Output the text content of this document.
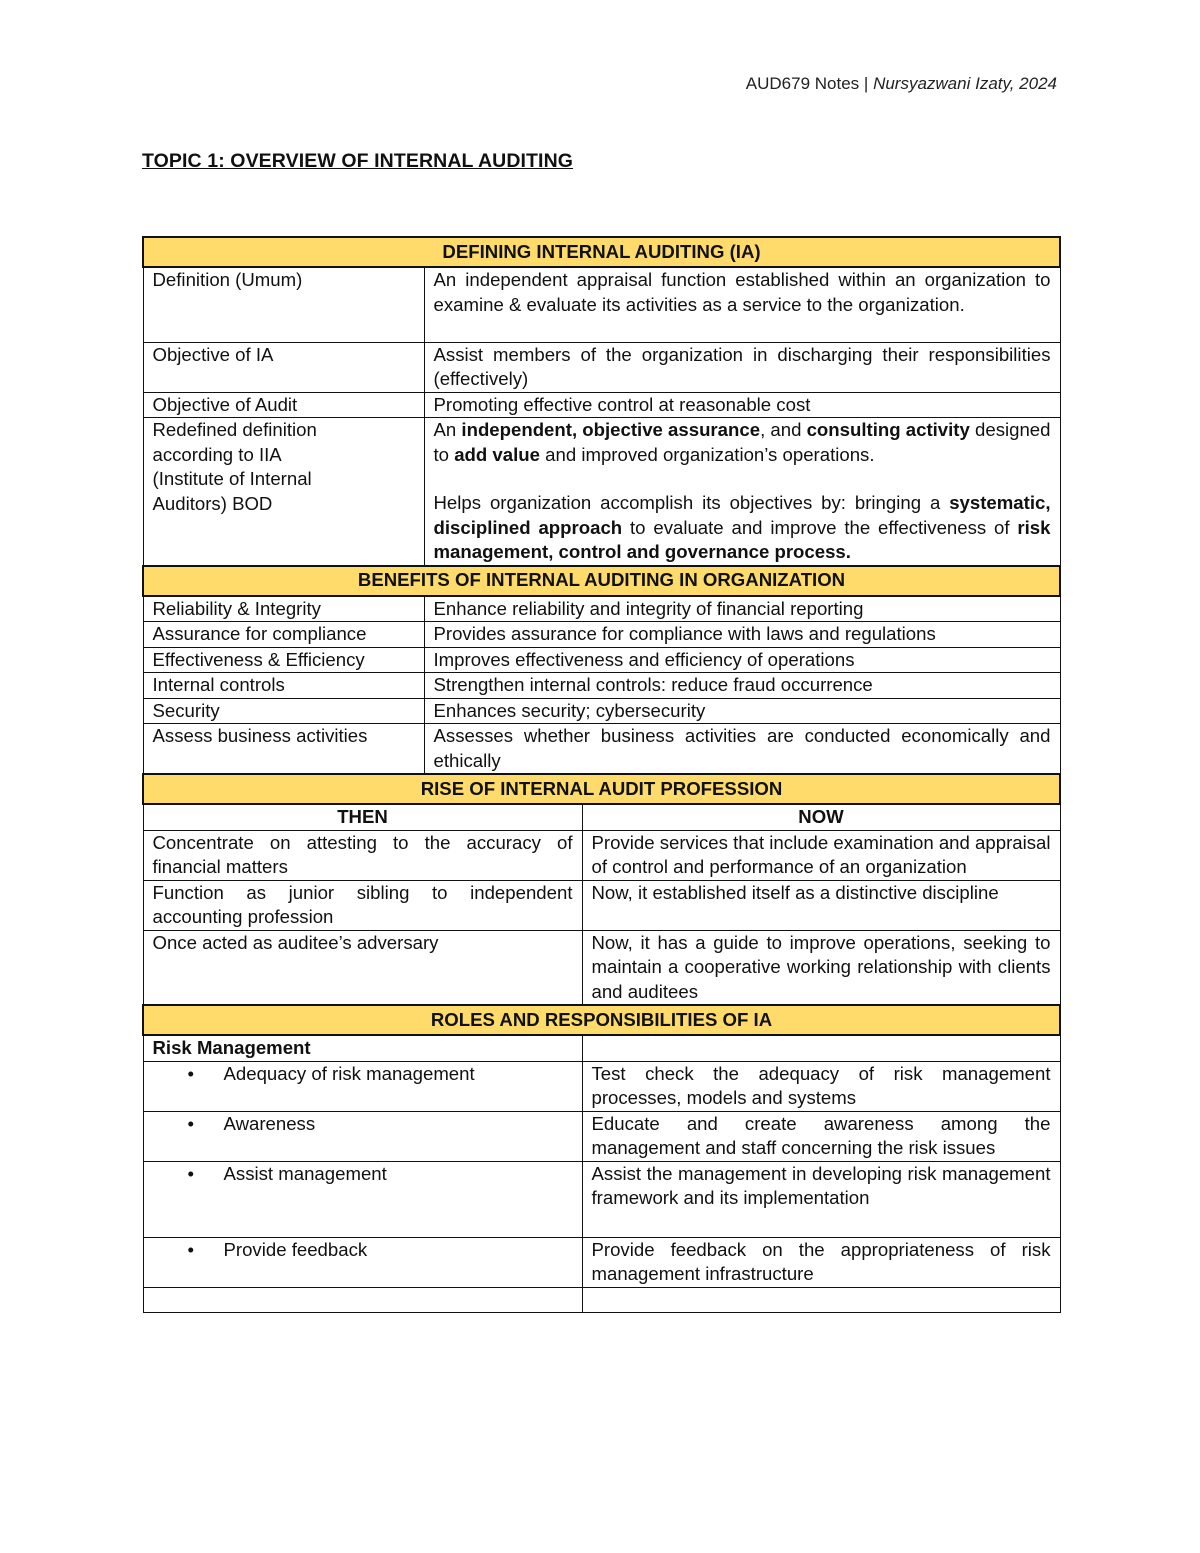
AUD679 Notes | Nursyazwani Izaty, 2024
TOPIC 1: OVERVIEW OF INTERNAL AUDITING
DEFINING INTERNAL AUDITING (IA)		
Definition (Umum)	An independent appraisal function established within an organization to examine & evaluate its activities as a service to the organization.	
Objective of IA	Assist members of the organization in discharging their responsibilities (effectively)	
Objective of Audit	Promoting effective control at reasonable cost	
Redefined definition according to IIA (Institute of Internal Auditors) BOD	An independent, objective assurance, and consulting activity designed to add value and improved organization’s operations.
Helps organization accomplish its objectives by: bringing a systematic, disciplined approach to evaluate and improve the effectiveness of risk management, control and governance process.	

BENEFITS OF INTERNAL AUDITING IN ORGANIZATION		
Reliability & Integrity	Enhance reliability and integrity of financial reporting	
Assurance for compliance	Provides assurance for compliance with laws and regulations	
Effectiveness & Efficiency	Improves effectiveness and efficiency of operations	
Internal controls	Strengthen internal controls: reduce fraud occurrence	
Security	Enhances security; cybersecurity	
Assess business activities	Assesses whether business activities are conducted economically and ethically	
RISE OF INTERNAL AUDIT PROFESSION		
THEN		NOW
Concentrate on attesting to the accuracy of financial matters		Provide services that include examination and appraisal of control and performance of an organization
Function as junior sibling to independent accounting profession		Now, it established itself as a distinctive discipline
Once acted as auditee’s adversary		Now, it has a guide to improve operations, seeking to maintain a cooperative working relationship with clients and auditees
ROLES AND RESPONSIBILITIES OF IA		
Risk Management		
• Adequacy of risk management		Test check the adequacy of risk management processes, models and systems
• Awareness		Educate and create awareness among the management and staff concerning the risk issues
• Assist management		Assist the management in developing risk management framework and its implementation
• Provide feedback		Provide feedback on the appropriateness of risk management infrastructure
